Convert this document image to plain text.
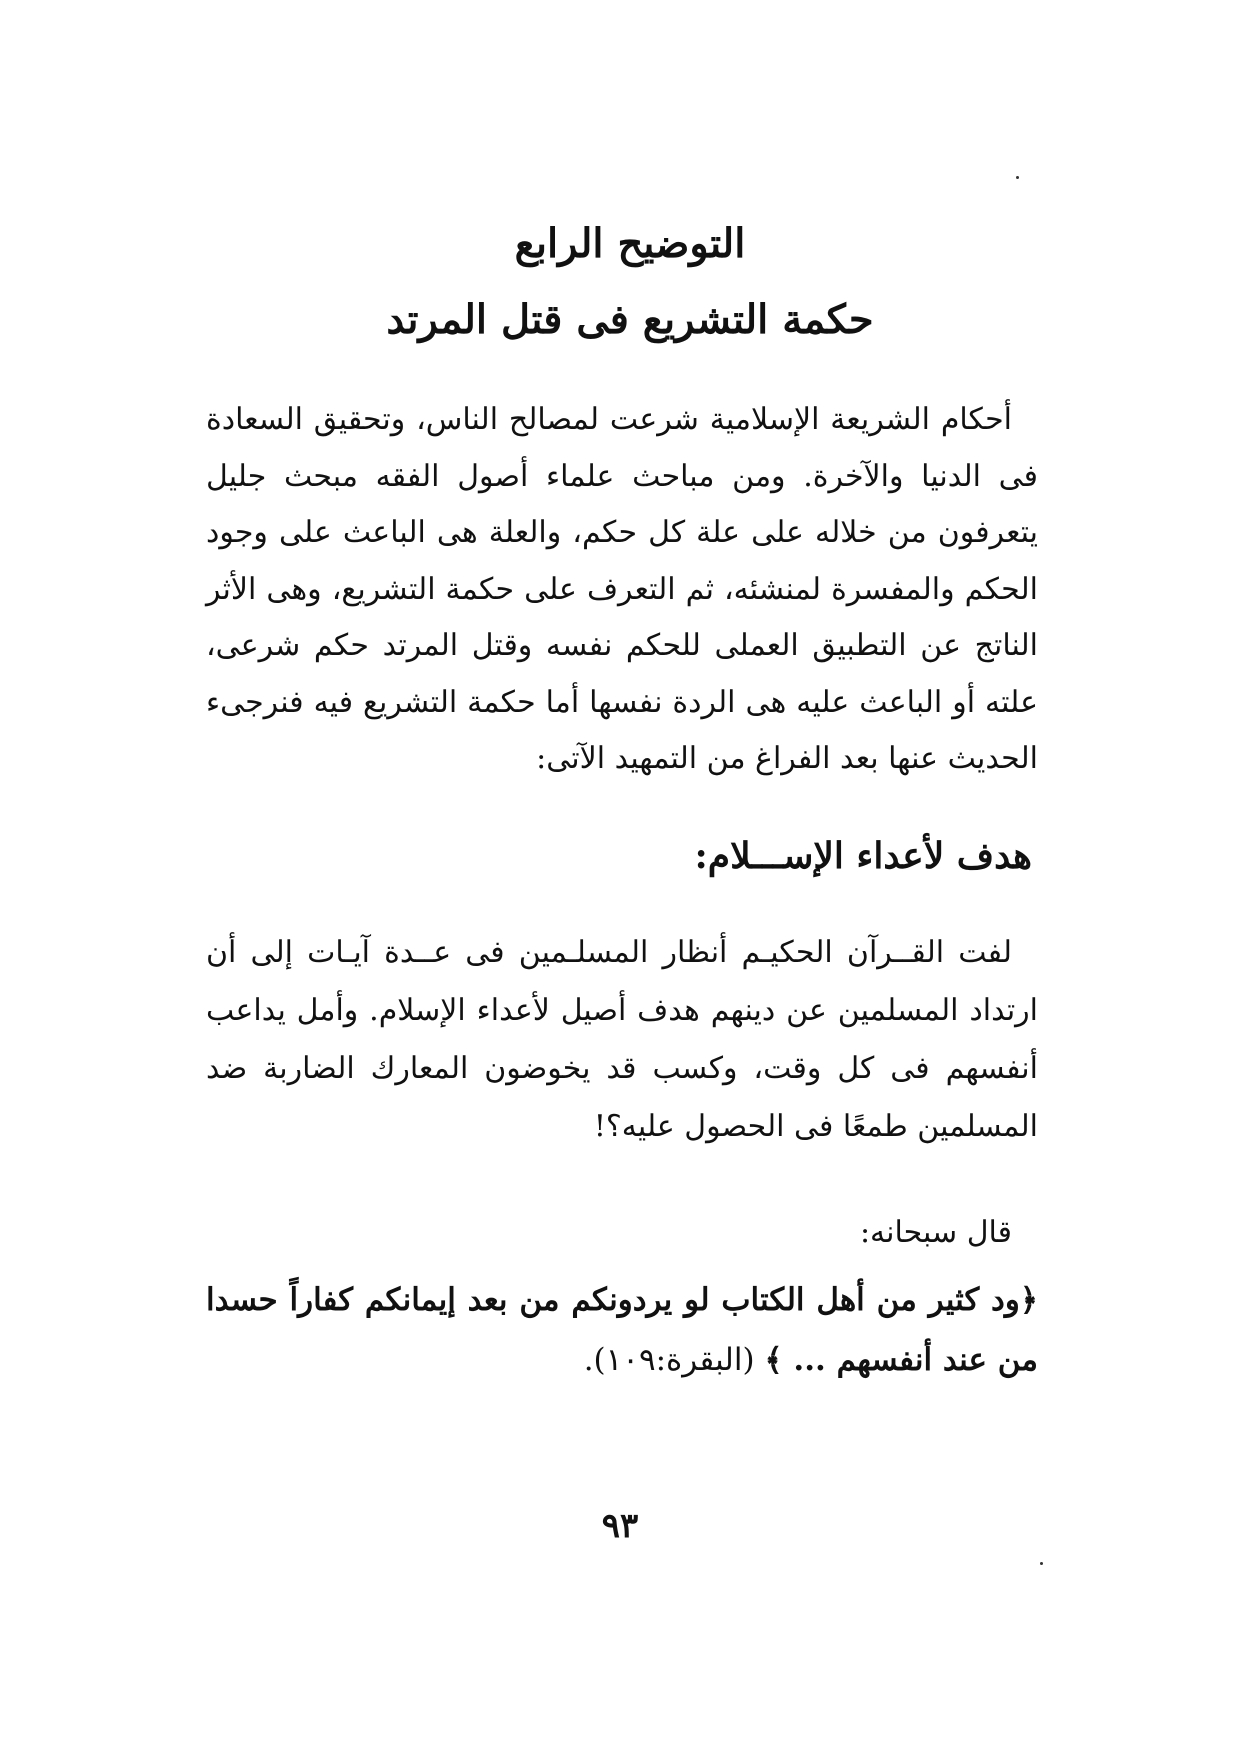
التوضيح الرابع
حكمة التشريع فى قتل المرتد
أحكام الشريعة الإسلامية شرعت لمصالح الناس، وتحقيق السعادة فى الدنيا والآخرة. ومن مباحث علماء أصول الفقه مبحث جليل يتعرفون من خلاله على علة كل حكم، والعلة هى الباعث على وجود الحكم والمفسرة لمنشئه، ثم التعرف على حكمة التشريع، وهى الأثر الناتج عن التطبيق العملى للحكم نفسه وقتل المرتد حكم شرعى، علته أو الباعث عليه هى الردة نفسها أما حكمة التشريع فيه فنرجىء الحديث عنها بعد الفراغ من التمهيد الآتى:
هدف لأعداء الإســـلام:
لفت القــرآن الحكيـم أنظار المسلـمين فى عــدة آيـات إلى أن ارتداد المسلمين عن دينهم هدف أصيل لأعداء الإسلام. وأمل يداعب أنفسهم فى كل وقت، وكسب قد يخوضون المعارك الضاربة ضد المسلمين طمعًا فى الحصول عليه؟!
قال سبحانه:
﴿ود كثير من أهل الكتاب لو يردونكم من بعد إيمانكم كفاراً حسدا من عند أنفسهم ... ﴾ (البقرة:١٠٩).
٩٣
